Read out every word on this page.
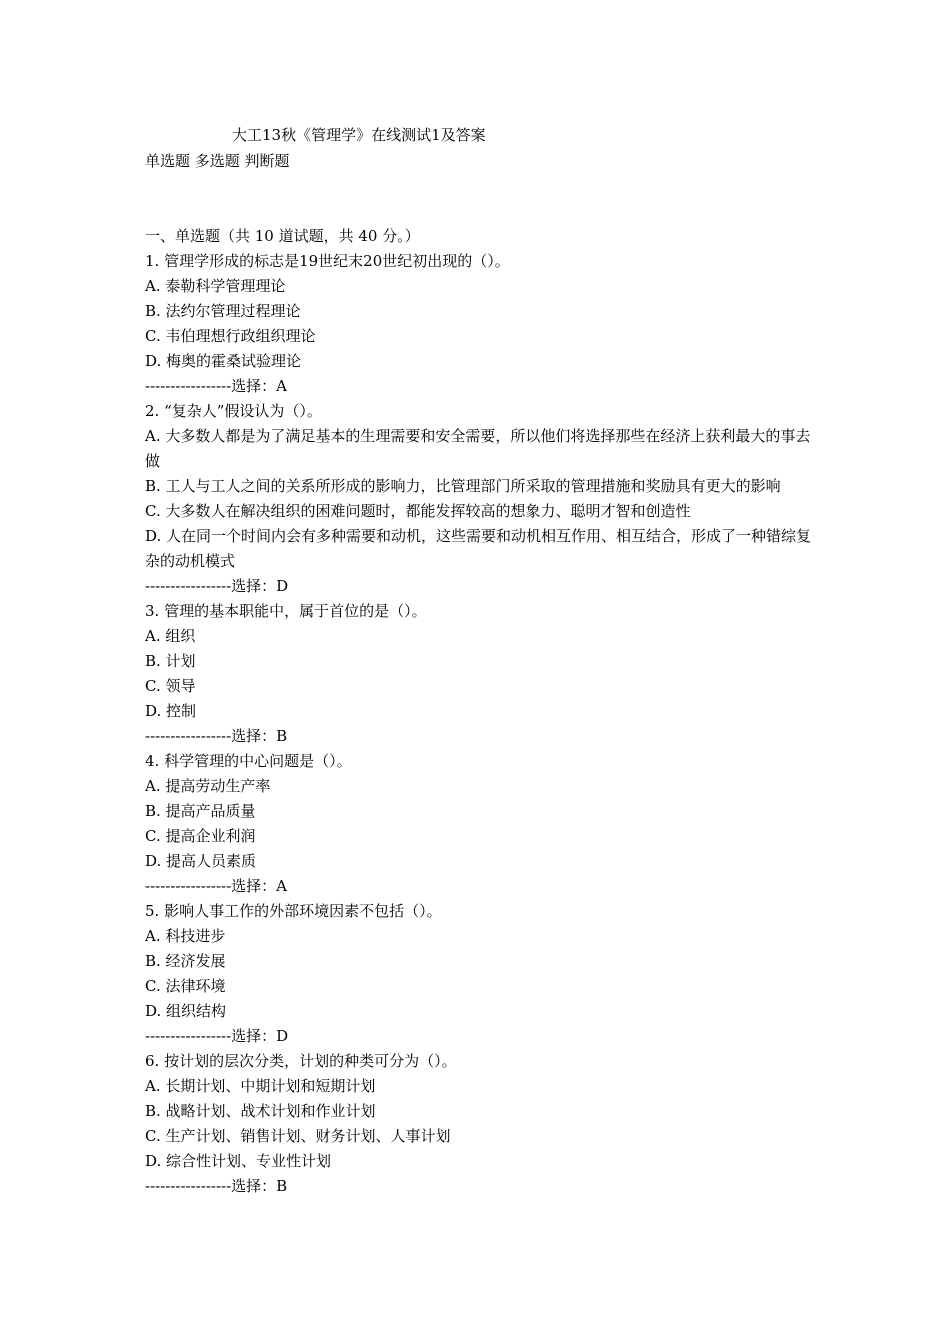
大工13秋《管理学》在线测试1及答案
单选题 多选题 判断题
一、单选题（共 10 道试题，共 40 分。）
1. 管理学形成的标志是19世纪末20世纪初出现的（）。
A. 泰勒科学管理理论
B. 法约尔管理过程理论
C. 韦伯理想行政组织理论
D. 梅奥的霍桑试验理论
-----------------选择：A
2. “复杂人”假设认为（）。
A. 大多数人都是为了满足基本的生理需要和安全需要，所以他们将选择那些在经济上获利最大的事去做
B. 工人与工人之间的关系所形成的影响力，比管理部门所采取的管理措施和奖励具有更大的影响
C. 大多数人在解决组织的困难问题时，都能发挥较高的想象力、聪明才智和创造性
D. 人在同一个时间内会有多种需要和动机，这些需要和动机相互作用、相互结合，形成了一种错综复杂的动机模式
-----------------选择：D
3. 管理的基本职能中，属于首位的是（）。
A. 组织
B. 计划
C. 领导
D. 控制
-----------------选择：B
4. 科学管理的中心问题是（）。
A. 提高劳动生产率
B. 提高产品质量
C. 提高企业利润
D. 提高人员素质
-----------------选择：A
5. 影响人事工作的外部环境因素不包括（）。
A. 科技进步
B. 经济发展
C. 法律环境
D. 组织结构
-----------------选择：D
6. 按计划的层次分类，计划的种类可分为（）。
A. 长期计划、中期计划和短期计划
B. 战略计划、战术计划和作业计划
C. 生产计划、销售计划、财务计划、人事计划
D. 综合性计划、专业性计划
-----------------选择：B
